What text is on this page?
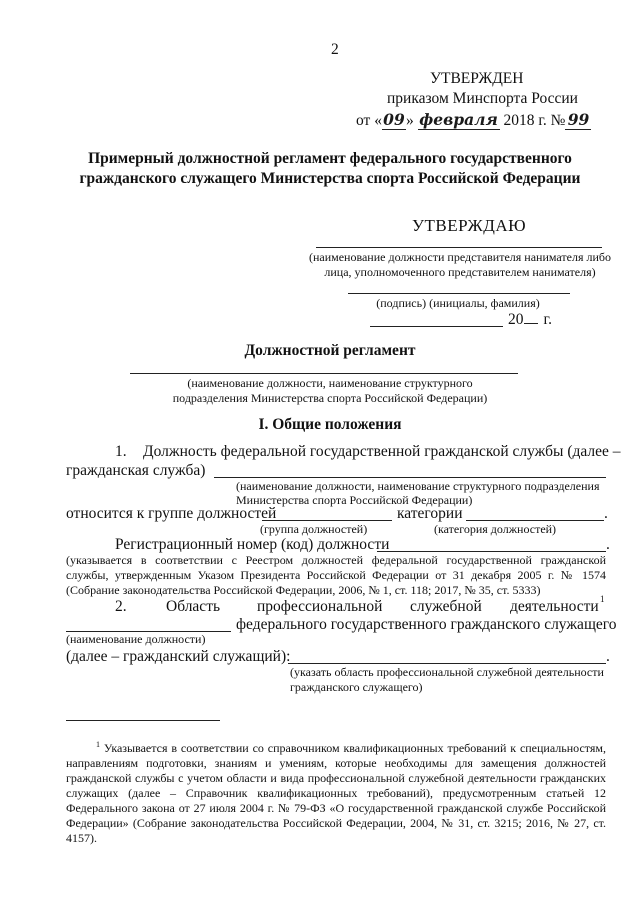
2
УТВЕРЖДЕН
приказом Минспорта России
от «09» февраля 2018 г. № 99
Примерный должностной регламент федерального государственного
гражданского служащего Министерства спорта Российской Федерации
УТВЕРЖДАЮ
(наименование должности представителя нанимателя либо
лица, уполномоченного представителем нанимателя)
(подпись) (инициалы, фамилия)
20 г.
Должностной регламент
(наименование должности, наименование структурного
подразделения Министерства спорта Российской Федерации)
I. Общие положения
1. Должность федеральной государственной гражданской службы (далее –
гражданская служба)
(наименование должности, наименование структурного подразделения
Министерства спорта Российской Федерации)
относится к группе должностей	категории	.
(группа должностей)	(категория должностей)
Регистрационный номер (код) должности	.
(указывается в соответствии с Реестром должностей федеральной государственной гражданской службы, утвержденным Указом Президента Российской Федерации от 31 декабря 2005 г. № 1574 (Собрание законодательства Российской Федерации, 2006, № 1, ст. 118; 2017, № 35, ст. 5333)
2.	Область профессиональной служебной деятельности 1
федерального государственного гражданского служащего
(наименование должности)
(далее – гражданский служащий):	.
(указать область профессиональной служебной деятельности
гражданского служащего)
$^1$ Указывается в соответствии со справочником квалификационных требований к специальностям, направлениям подготовки, знаниям и умениям, которые необходимы для замещения должностей гражданской службы с учетом области и вида профессиональной служебной деятельности гражданских служащих (далее – Справочник квалификационных требований), предусмотренным статьей 12 Федерального закона от 27 июля 2004 г. № 79-ФЗ «О государственной гражданской службе Российской Федерации» (Собрание законодательства Российской Федерации, 2004, № 31, ст. 3215; 2016, № 27, ст. 4157).
